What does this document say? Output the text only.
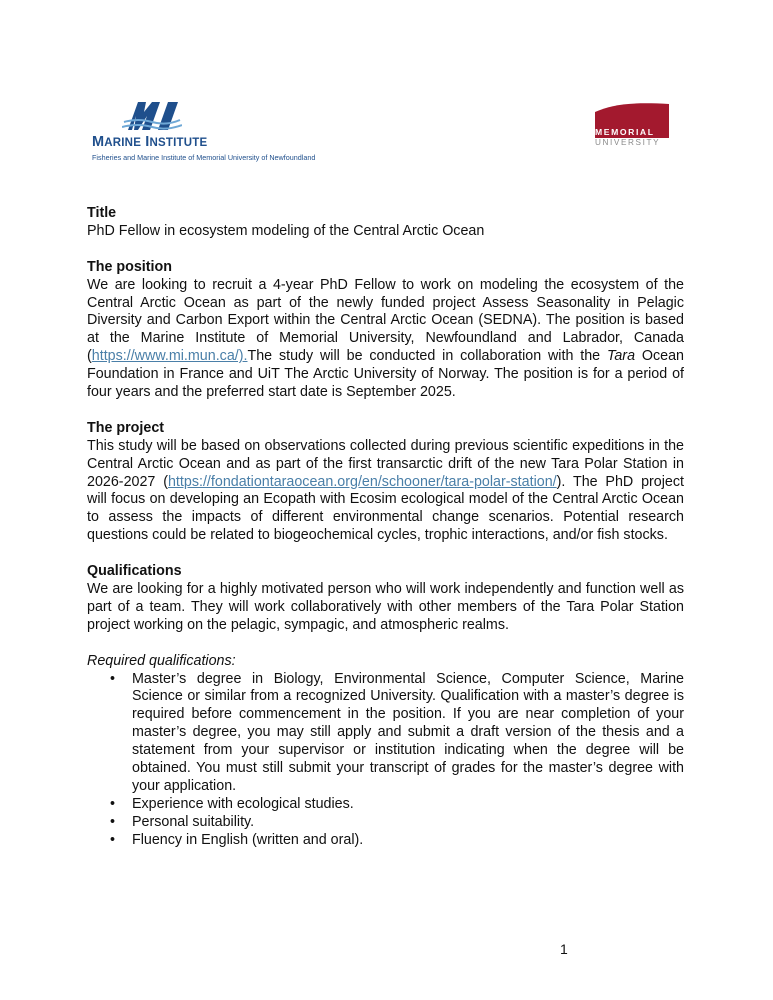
MARINE INSTITUTE
Fisheries and Marine Institute of Memorial University of Newfoundland
MEMORIAL
UNIVERSITY

Title

PhD Fellow in ecosystem modeling of the Central Arctic Ocean

The position

We are looking to recruit a 4-year PhD Fellow to work on modeling the ecosystem of the Central Arctic Ocean as part of the newly funded project Assess Seasonality in Pelagic Diversity and Carbon Export within the Central Arctic Ocean (SEDNA). The position is based at the Marine Institute of Memorial University, Newfoundland and Labrador, Canada (https://www.mi.mun.ca/).The study will be conducted in collaboration with the Tara Ocean Foundation in France and UiT The Arctic University of Norway. The position is for a period of four years and the preferred start date is September 2025.

The project

This study will be based on observations collected during previous scientific expeditions in the Central Arctic Ocean and as part of the first transarctic drift of the new Tara Polar Station in 2026-2027 (https://fondationtaraocean.org/en/schooner/tara-polar-station/). The PhD project will focus on developing an Ecopath with Ecosim ecological model of the Central Arctic Ocean to assess the impacts of different environmental change scenarios. Potential research questions could be related to biogeochemical cycles, trophic interactions, and/or fish stocks.

Qualifications

We are looking for a highly motivated person who will work independently and function well as part of a team. They will work collaboratively with other members of the Tara Polar Station project working on the pelagic, sympagic, and atmospheric realms.

Required qualifications:

• Master’s degree in Biology, Environmental Science, Computer Science, Marine Science or similar from a recognized University. Qualification with a master’s degree is required before commencement in the position. If you are near completion of your master’s degree, you may still apply and submit a draft version of the thesis and a statement from your supervisor or institution indicating when the degree will be obtained. You must still submit your transcript of grades for the master’s degree with your application.
• Experience with ecological studies.
• Personal suitability.
• Fluency in English (written and oral).
1
